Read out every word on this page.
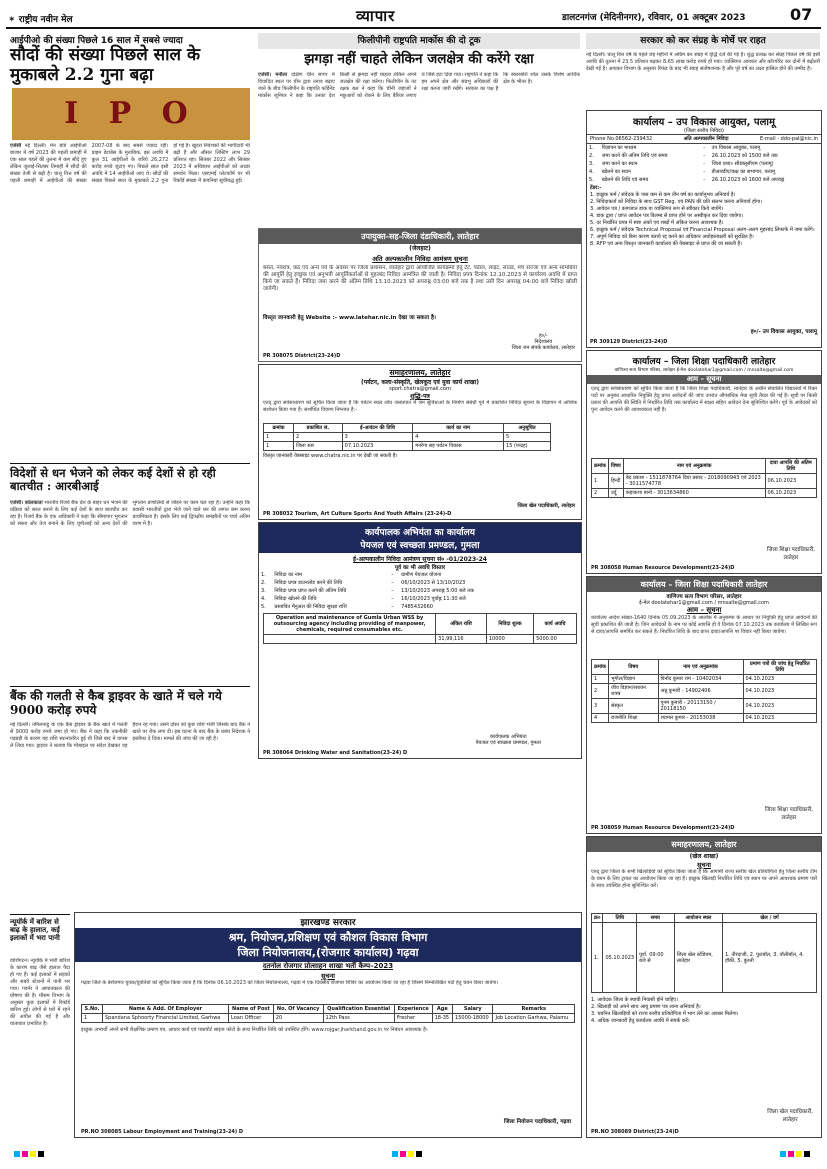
✶ राष्ट्रीय नवीन मेल	व्यापार	डालटनगंज (मेदिनीनगर), रविवार, 01 अक्टूबर 2023	07
आईपीओ की संख्या पिछले 16 साल में सबसे ज्यादा
सौदों की संख्या पिछले साल के मुकाबले 2.2 गुना बढ़ा
I P O
एजेंसी नई दिल्ली। मेन बोर्ड आईपीओ बाजार में वर्ष 2023 की पहली छमाही में एक साल पहले की तुलना में कम सौदे हुए लेकिन जुलाई-सितंबर तिमाही में सौदों की संख्या तेजी से बढ़ी है। चालू वित्त वर्ष की पहली छमाही में आईपीओ की संख्या 2007-08 के बाद सबसे ज्यादा रही। प्राइम डेटाबेस के मुताबिक, इस अवधि में कुल 31 आईपीओ के जरिये 26,272 करोड़ रुपये जुटाए गए। पिछले साल इसी अवधि में 14 आईपीओ आए थे। सौदों की संख्या पिछले साल के मुकाबले 2.2 गुना हो गई है। खुदरा निवेशकों की भागीदारी भी बढ़ी है और औसत लिस्टिंग लाभ 29 प्रतिशत रहा। सितंबर 2022 और सितंबर 2023 में अधिकांश आईपीओ को अच्छा समर्थन मिला। एसएमई प्लेटफॉर्म पर भी रिकॉर्ड संख्या में कंपनियां सूचीबद्ध हुईं।
विदेशों से धन भेजने को लेकर कई देशों से हो रही बातचीत : आरबीआई
एजेंसी। कोलकाता भारतीय रिजर्व बैंक देश के बाहर धन भेजने की प्रक्रिया को सरल बनाने के लिए कई देशों के साथ बातचीत कर रहा है। रिजर्व बैंक के एक अधिकारी ने कहा कि सीमापार भुगतान को सस्ता और तेज बनाने के लिए यूपीआई को अन्य देशों की भुगतान प्रणालियों से जोड़ने पर काम चल रहा है। उन्होंने कहा कि प्रवासी भारतीयों द्वारा भेजे जाने वाले धन की लागत कम करना प्राथमिकता है। इसके लिए कई द्विपक्षीय समझौतों पर चर्चा अंतिम चरण में है।
बैंक की गलती से कैब ड्राइवर के खाते में चले गये 9000 करोड़ रुपये
नई दिल्ली। तमिलनाडु के एक कैब ड्राइवर के बैंक खाते में गलती से 9000 करोड़ रुपये जमा हो गए। बैंक ने कहा कि तकनीकी गड़बड़ी के कारण यह राशि स्थानांतरित हुई थी जिसे बाद में वापस ले लिया गया। ड्राइवर ने बताया कि मोबाइल पर संदेश देखकर वह हैरान रह गया। उसने दोस्त को कुछ राशि भेजी जिसके बाद बैंक ने खाते पर रोक लगा दी। इस घटना के बाद बैंक के प्रबंध निदेशक ने इस्तीफा दे दिया। मामले की जांच की जा रही है।
न्यूयॉर्क में बारिश से बाढ़ के हालात, कई इलाकों में भरा पानी
वाशिंगटन। न्यूयॉर्क में भारी बारिश के कारण बाढ़ जैसे हालात पैदा हो गए हैं। कई इलाकों में सड़कों और सबवे स्टेशनों में पानी भर गया। गवर्नर ने आपातकाल की घोषणा की है। मौसम विभाग के अनुसार कुछ इलाकों में रिकॉर्ड बारिश हुई। लोगों से घरों में रहने की अपील की गई है और यातायात प्रभावित है।
फिलीपीनी राष्ट्रपति मार्कोस की दो टूक
झगड़ा नहीं चाहते लेकिन जलक्षेत्र की करेंगे रक्षा
एजेंसी। मनीला दक्षिण चीन सागर में विवादित स्थल पर चीन द्वारा तनाव बढ़ाए जाने के बीच फिलीपीन के राष्ट्रपति फर्डिनेंड मार्कोस जूनियर ने कहा कि उनका देश किसी से झगड़ा नहीं चाहता लेकिन अपने जलक्षेत्र की रक्षा करेगा। फिलीपीन के तट रक्षक बल ने कहा कि चीनी जहाजों ने मछुआरों को रोकने के लिए बैरियर लगाए थे जिसे हटा दिया गया। राष्ट्रपति ने कहा कि हम अपने क्षेत्र और संप्रभु अधिकारों की रक्षा करना जारी रखेंगे। सरकार का पक्ष है कि स्कारबोरो शोल उसके विशेष आर्थिक क्षेत्र के भीतर है।
सरकार को कर संग्रह के मोर्चे पर राहत
नई दिल्ली। चालू वित्त वर्ष के पहले छह महीनों में अग्रिम कर संग्रह में वृद्धि दर्ज की गई है। शुद्ध प्रत्यक्ष कर संग्रह पिछले वर्ष की इसी अवधि की तुलना में 23.5 प्रतिशत बढ़कर 8.65 लाख करोड़ रुपये हो गया। व्यक्तिगत आयकर और कॉरपोरेट कर दोनों में बढ़ोतरी देखी गई है। आयकर विभाग के अनुसार रिफंड के बाद भी संग्रह संतोषजनक है और पूरे वर्ष का लक्ष्य हासिल होने की उम्मीद है।
कार्यालय – उप विकास आयुक्त, पलामू
(जिला स्तरीय निविदा)
Phone No.06562-239432	अति अल्पकालीन निविदा	E-mail - ddo-pal@nic.in
1.	विज्ञापन का माध्यम	-	उप विकास आयुक्त, पलामू
2.	जमा करने की अंतिम तिथि एवं समय	-	26.10.2023 को 1500 बजे तक
3.	जमा करने का स्थान	-	जिला प्रशा० सीडब्लूसीएम (पलामू)
4.	खोलने का स्थान	-	डीआरडीए/कक्ष का सभागार, पलामू
5.	खोलने की तिथि एवं समय	-	26.10.2023 को 1600 बजे अपराह्न
टेंडर:-
1. इच्छुक फर्म / संवेदक के पास कम से कम तीन वर्ष का कार्यानुभव अनिवार्य है।
2. निविदाकर्ता को निविदा के साथ GST Reg. एवं PAN की प्रति संलग्न करना अनिवार्य होगा।
3. आवेदन पत्र / कागजात डाक या व्यक्तिगत रूप से स्वीकार किये जायेंगे।
4. डाक द्वारा / प्राप्त आवेदन पत्र विलम्ब से प्राप्त होने पर अस्वीकृत कर दिया जायेगा।
5. दर निर्धारित प्रपत्र में स्पष्ट अंकों एवं शब्दों में अंकित करना आवश्यक है।
6. इच्छुक फर्म / संवेदक Technical Proposal एवं Financial Proposal अलग-अलग मुहरबंद लिफाफे में जमा करेंगे।
7. अपूर्ण निविदा को बिना कारण बताये रद्द करने का अधिकार अधोहस्ताक्षरी को सुरक्षित है।
8. RFP एवं अन्य विस्तृत जानकारी कार्यालय की वेबसाइट से प्राप्त की जा सकती है।
ह०/- उप विकास आयुक्त, पलामू
PR 309129 District(23-24)D
उपायुक्त-सह-जिला दंडाधिकारी, लातेहार
(जेलहाट)
अति अल्पकालीन निविदा आमंत्रण सूचना
बसंत, नवरात्र, छठ एवं अन्य पर्व के अवसर पर जिला प्रशासन, लातेहार द्वारा आयोजित कार्यक्रमों हेतु टेंट, पंडाल, लाइट, साउंड, मंच सज्जा एवं अन्य सामग्रियों की आपूर्ति हेतु इच्छुक एवं अनुभवी आपूर्तिकर्ताओं से मुहरबंद निविदा आमंत्रित की जाती है। निविदा प्रपत्र दिनांक 12.10.2023 से कार्यालय अवधि में प्राप्त किये जा सकते हैं। निविदा जमा करने की अंतिम तिथि 13.10.2023 को अपराह्न 03:00 बजे तक है तथा उसी दिन अपराह्न 04:00 बजे निविदा खोली जायेगी।
विस्तृत जानकारी हेतु Website :- www.latehar.nic.in देखा जा सकता है।
ह०/-
निदेशालय
जिला जन संपर्क कार्यालय, लातेहार
PR 308075 District(23-24)D
समाहरणालय, लातेहार
(पर्यटन, कला-संस्कृति, खेलकूद एवं युवा कार्य शाखा)
sport.chatra@gmail.com
शुद्धि-पत्र
एतद् द्वारा सर्वसाधारण को सूचित किया जाता है कि पर्यटन स्थल लोध जलप्रपात में जन सुविधाओं के निर्माण संबंधी पूर्व में प्रकाशित निविदा सूचना के विज्ञापन में आंशिक संशोधन किया गया है। संशोधित विवरण निम्नवत है:-
क्रमांक	प्रकाशित सं.	ई-आवंटन की तिथि	कार्य का नाम	अनुसूचित
1	2	3	4	5
1	जिला स्तर	07.10.2023	मनरेगा सह पर्यटन विकास	15 (पन्द्रह)
विस्तृत जानकारी वेबसाइट www.chatra.nic.in पर देखी जा सकती है।
जिला खेल पदाधिकारी, लातेहार
PR 308032 Tourism, Art Culture Sports And Youth Affairs (23-24)-D
कार्यपालक अभियंता का कार्यालय
पेयजल एवं स्वच्छता प्रमण्डल, गुमला
ई-अल्पकालीन निविदा आमंत्रण सूचना सं० -01/2023-24
पूर्व का भी अवधि विस्तार
1.	निविदा का नाम	–	ग्रामीण पेयजल योजना
2.	निविदा प्रपत्र डाउनलोड करने की तिथि	–	06/10/2023 से 13/10/2023
3.	निविदा प्रपत्र प्राप्त करने की अंतिम तिथि	–	13/10/2023 अपराह्न 5:00 बजे तक
4.	निविदा खोलने की तिथि	–	16/10/2023 पूर्वाह्न 11:30 बजे
5.	प्रस्तावित मैनुअल की निविदा सुरक्षा राशि	–	7485432660
Operation and maintenance of Gumla Urban WSS by outsourcing agency including providing of manpower, chemicals, required consumables etc.	अंकित राशि	निविदा शुल्क	कार्य अवधि
	31,99,116	10000	5000.00
कार्यपालक अभियंता
पेयजल एवं स्वच्छता प्रमण्डल, गुमला
PR 308064 Drinking Water and Sanitation(23-24) D
कार्यालय – जिला शिक्षा पदाधिकारी लातेहार
वाणिज्य सत्य विभाग परिसर, लातेहार ई-मेल doolatehar1@gmail.com / mnsalte@gmail.com
आम – सूचना
एतद् द्वारा सर्वसाधारण को सूचित किया जाता है कि जिला शिक्षा पदाधिकारी, लातेहार के अधीन संचालित विद्यालयों में रिक्त पदों पर अनुबंध आधारित नियुक्ति हेतु प्राप्त आवेदनों की जांच उपरांत औपबंधिक मेधा सूची तैयार की गई है। सूची पर किसी प्रकार की आपत्ति की स्थिति में निर्धारित तिथि तक कार्यालय में साक्ष्य सहित आवेदन देना सुनिश्चित करेंगे। पूर्व के आवेदकों को पुनः आवेदन करने की आवश्यकता नहीं है।
क्रमांक	विषय	नाम एवं अनुक्रमांक	दावा आपत्ति की अंतिम तिथि
1	हिन्दी	बेद प्रकाश - 1511878764 दिया प्रसाद - 2018090943 एवं 2023 - 3011574778	06.10.2023
2	उर्दू	कहाकशा बानो - 3013634860	06.10.2023
जिला शिक्षा पदाधिकारी,
लातेहार
PR 308058 Human Resource Development(23-24)D
कार्यालय – जिला शिक्षा पदाधिकारी लातेहार
वाणिज्य सत्य विभाग परिसर, लातेहार
ई-मेल doolatehar1@gmail.com / mnsalte@gmail.com
आम – सूचना
कार्यालय आदेश संख्या-1640 दिनांक 05.09.2023 के आलोक में अनुकम्पा के आधार पर नियुक्ति हेतु प्राप्त आवेदनों की सूची प्रकाशित की जाती है। जिन आवेदकों के नाम पर कोई आपत्ति हो वे दिनांक 07.10.2023 तक कार्यालय में लिखित रूप से दावा/आपत्ति समर्पित कर सकते हैं। निर्धारित तिथि के बाद प्राप्त दावा/आपत्ति पर विचार नहीं किया जायेगा।
क्रमांक	विषय	नाम एवं अनुक्रमांक	प्रमाण पत्रों की जांच हेतु निर्धारित तिथि
1	भूगोल/विज्ञान	विनोद कुमार राम - 10402034	04.10.2023
2	जीव विज्ञान/रसायन शास्त्र	अन्नू कुमारी - 14902406	04.10.2023
3	संस्कृत	पूनम कुमारी - 20113150 / 20118150	04.10.2023
4	राजनीति शिक्षा	श्यामल कुमार - 20153038	04.10.2023
जिला शिक्षा पदाधिकारी,
लातेहार
PR 308059 Human Resource Development(23-24)D
समाहरणालय, लातेहार
(खेल शाखा)
सूचना
एतद् द्वारा जिला के सभी खिलाड़ियों को सूचित किया जाता है कि आगामी राज्य स्तरीय खेल प्रतियोगिता हेतु जिला स्तरीय टीम के चयन के लिए ट्रायल का आयोजन किया जा रहा है। इच्छुक खिलाड़ी निर्धारित तिथि एवं स्थान पर अपने आवश्यक प्रमाण पत्रों के साथ उपस्थित होना सुनिश्चित करें।
क्र०	तिथि	समय	आयोजन स्थल	खेल / वर्ग
1.	05.10.2023	पूर्वा. 09:00 बजे से	जिला खेल स्टेडियम, लातेहार	1. तीरंदाजी, 2. फुटबॉल, 3. वॉलीबॉल, 4. हॉकी, 5. कुश्ती
1. आवेदक जिला के स्थायी निवासी होने चाहिए।
2. खिलाड़ी को अपने साथ आयु प्रमाण पत्र लाना अनिवार्य है।
3. चयनित खिलाड़ियों को राज्य स्तरीय प्रतियोगिता में भाग लेने का अवसर मिलेगा।
4. अधिक जानकारी हेतु कार्यालय अवधि में संपर्क करें।
जिला खेल पदाधिकारी,
लातेहार
PR.NO 308089 District(23-24)D
झारखण्ड सरकार
श्रम, नियोजन,प्रशिक्षण एवं कौशल विकास विभाग
जिला नियोजनालय,(रोजगार कार्यालय) गढ़वा
दतनोल रोजगार प्रोत्साहन शाखा भर्ती कैम्प–2023
सूचना
गढ़वा जिले के बेरोजगार युवक/युवतियों को सूचित किया जाता है कि दिनांक 06.10.2023 को जिला नियोजनालय, गढ़वा में एक दिवसीय रोजगार शिविर का आयोजन किया जा रहा है जिसमें निम्नलिखित पदों हेतु चयन किया जायेगा।
S.No.	Name & Add. Of Employer	Name of Post	No. Of Vacancy	Qualification Essential	Experience	Age	Salary	Remarks
1	Spandana Sphoorty Financial Limited, Garhwa	Loan Officer	20	12th Pass	Fresher	18-35	15000-18000	Job Location Garhwa, Palamu
इच्छुक अभ्यर्थी अपने सभी शैक्षणिक प्रमाण पत्र, आधार कार्ड एवं पासपोर्ट साइज फोटो के साथ निर्धारित तिथि को उपस्थित होंगे। www.rojgar.jharkhand.gov.in पर निबंधन आवश्यक है।
जिला नियोजन पदाधिकारी, गढ़वा
PR.NO 308085 Labour Employment and Training(23-24) D
